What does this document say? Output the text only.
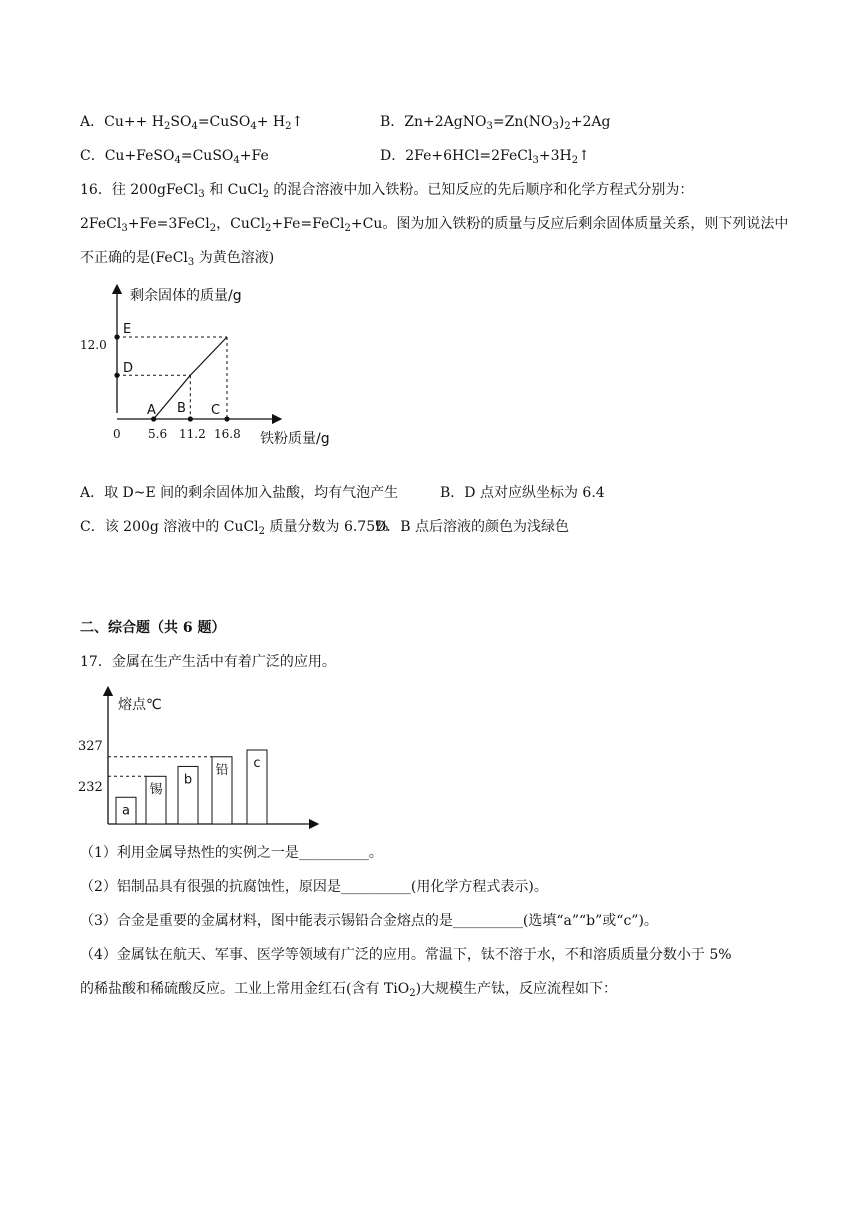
A．$Cu++ H_2SO_4=CuSO_4+$ $H_2↑$	B．$Zn+2AgNO_3=Zn(NO_3)_2+2Ag$
C．Cu+FeSO$_4$=CuSO$_4$+Fe	D．$2Fe+6HCl=2FeCl_3+3H_2↑$
16．往 200gFeCl$_3$ 和 CuCl$_2$ 的混合溶液中加入铁粉。已知反应的先后顺序和化学方程式分别为：
2FeCl$_3$+Fe=3FeCl$_2$，CuCl$_2$+Fe=FeCl$_2$+Cu。图为加入铁粉的质量与反应后剩余固体质量关系，则下列说法中
不正确的是(FeCl$_3$ 为黄色溶液)
剩余固体的质量/g
铁粉质量/g
12.0
0 5.6 11.2 16.8
A B C
D
E
A．取 D~E 间的剩余固体加入盐酸，均有气泡产生	B．D 点对应纵坐标为 6.4
C．该 200g 溶液中的 CuCl$_2$ 质量分数为 6.75%
D．B 点后溶液的颜色为浅绿色
二、综合题（共 6 题）
17．金属在生产生活中有着广泛的应用。
熔点℃
327
232
a
锡
b
铅 c
（1）利用金属导热性的实例之一是__________。
（2）铝制品具有很强的抗腐蚀性，原因是__________(用化学方程式表示)。
（3）合金是重要的金属材料，图中能表示锡铅合金熔点的是__________(选填“a”“b”或“c”)。
（4）金属钛在航天、军事、医学等领域有广泛的应用。常温下，钛不溶于水，不和溶质质量分数小于 5%
的稀盐酸和稀硫酸反应。工业上常用金红石(含有 TiO$_2$)大规模生产钛，反应流程如下：
